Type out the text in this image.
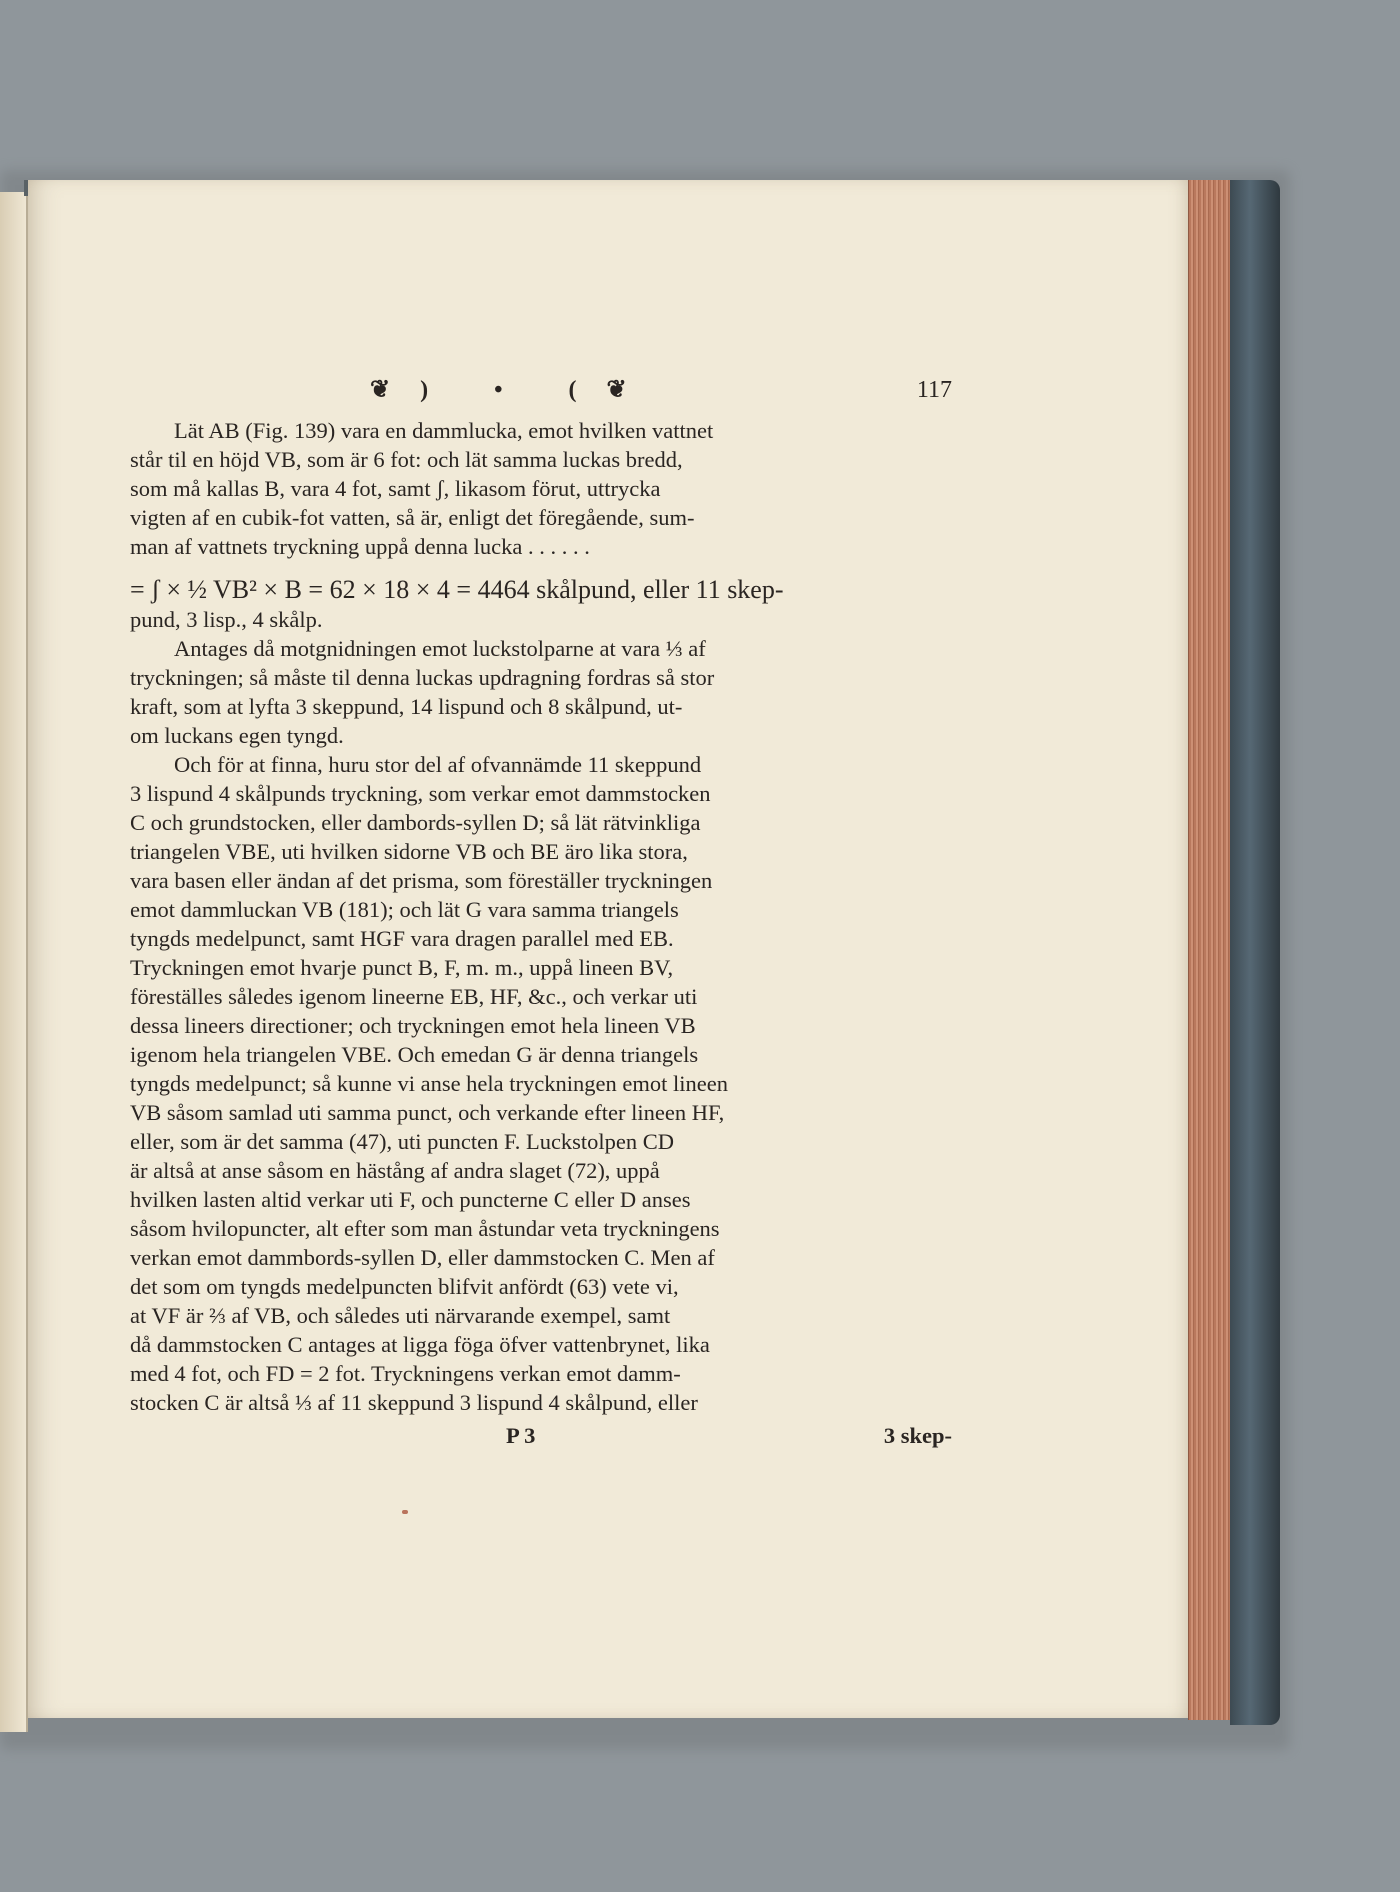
❦) • (❦	117
Lät AB (Fig. 139) vara en dammlucka, emot hvilken vattnet
står til en höjd VB, som är 6 fot: och lät samma luckas bredd,
som må kallas B, vara 4 fot, samt ʃ, likasom förut, uttrycka
vigten af en cubik-fot vatten, så är, enligt det föregående, sum-
man af vattnets tryckning uppå denna lucka . . . . . .
= ʃ × ½ VB² × B = 62 × 18 × 4 = 4464 skålpund, eller 11 skep-
pund, 3 lisp., 4 skålp.
Antages då motgnidningen emot luckstolparne at vara ⅓ af
tryckningen; så måste til denna luckas updragning fordras så stor
kraft, som at lyfta 3 skeppund, 14 lispund och 8 skålpund, ut-
om luckans egen tyngd.
Och för at finna, huru stor del af ofvannämde 11 skeppund
3 lispund 4 skålpunds tryckning, som verkar emot dammstocken
C och grundstocken, eller dambords-syllen D; så lät rätvinkliga
triangelen VBE, uti hvilken sidorne VB och BE äro lika stora,
vara basen eller ändan af det prisma, som föreställer tryckningen
emot dammluckan VB (181); och lät G vara samma triangels
tyngds medelpunct, samt HGF vara dragen parallel med EB.
Tryckningen emot hvarje punct B, F, m. m., uppå lineen BV,
föreställes således igenom lineerne EB, HF, &c., och verkar uti
dessa lineers directioner; och tryckningen emot hela lineen VB
igenom hela triangelen VBE. Och emedan G är denna triangels
tyngds medelpunct; så kunne vi anse hela tryckningen emot lineen
VB såsom samlad uti samma punct, och verkande efter lineen HF,
eller, som är det samma (47), uti puncten F. Luckstolpen CD
är altså at anse såsom en hästång af andra slaget (72), uppå
hvilken lasten altid verkar uti F, och puncterne C eller D anses
såsom hvilopuncter, alt efter som man åstundar veta tryckningens
verkan emot dammbords-syllen D, eller dammstocken C. Men af
det som om tyngds medelpuncten blifvit anfördt (63) vete vi,
at VF är ⅔ af VB, och således uti närvarande exempel, samt
då dammstocken C antages at ligga föga öfver vattenbrynet, lika
med 4 fot, och FD = 2 fot. Tryckningens verkan emot damm-
stocken C är altså ⅓ af 11 skeppund 3 lispund 4 skålpund, eller
P 3	3 skep-
